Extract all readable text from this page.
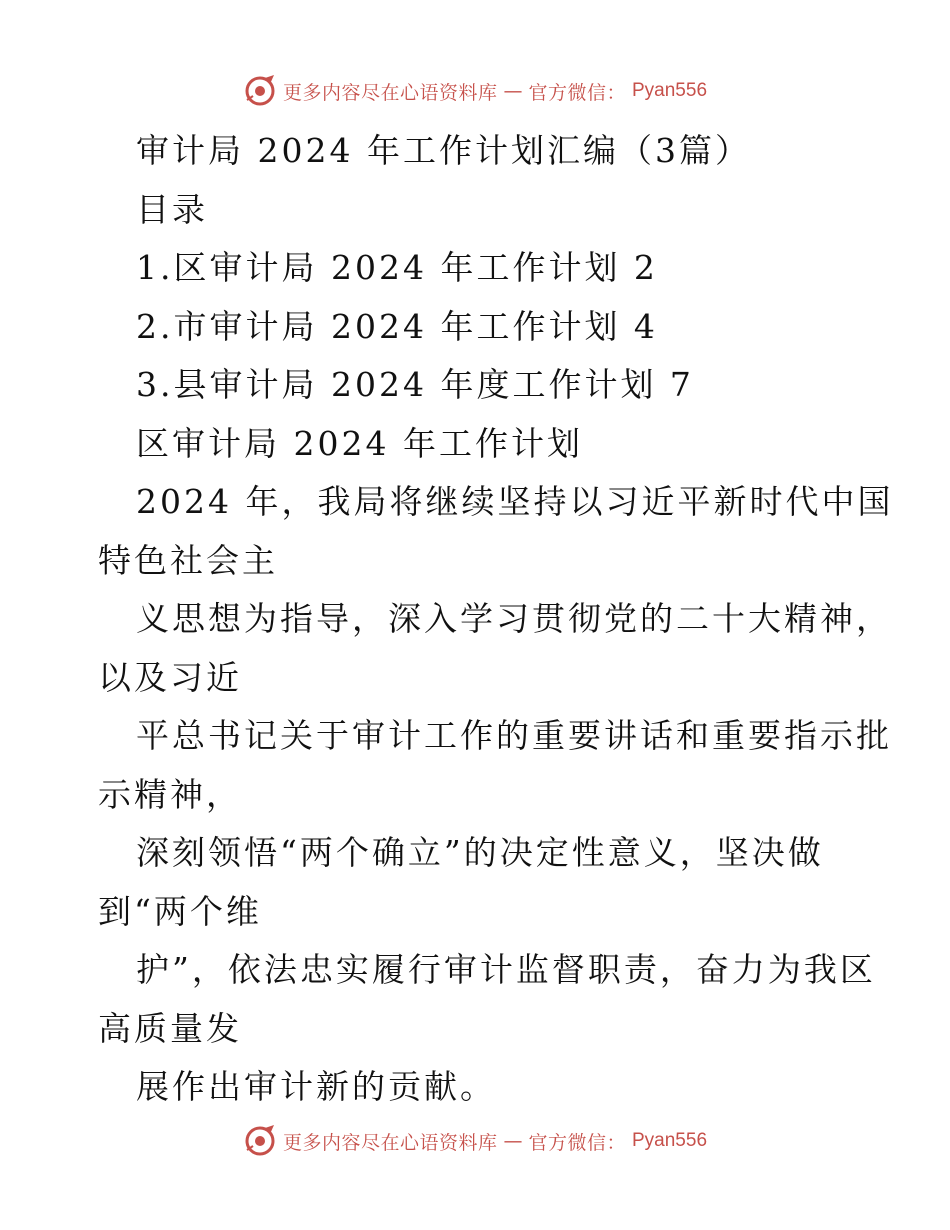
更多内容尽在心语资料库 — 官方微信： Pyan556
审计局 2024 年工作计划汇编（3篇）
目录
1.区审计局 2024 年工作计划 2
2.市审计局 2024 年工作计划 4
3.县审计局 2024 年度工作计划 7
区审计局 2024 年工作计划
2024 年，我局将继续坚持以习近平新时代中国
特色社会主
义思想为指导，深入学习贯彻党的二十大精神，
以及习近
平总书记关于审计工作的重要讲话和重要指示批
示精神，
深刻领悟“两个确立”的决定性意义，坚决做
到“两个维
护”，依法忠实履行审计监督职责，奋力为我区
高质量发
展作出审计新的贡献。
更多内容尽在心语资料库 — 官方微信： Pyan556
